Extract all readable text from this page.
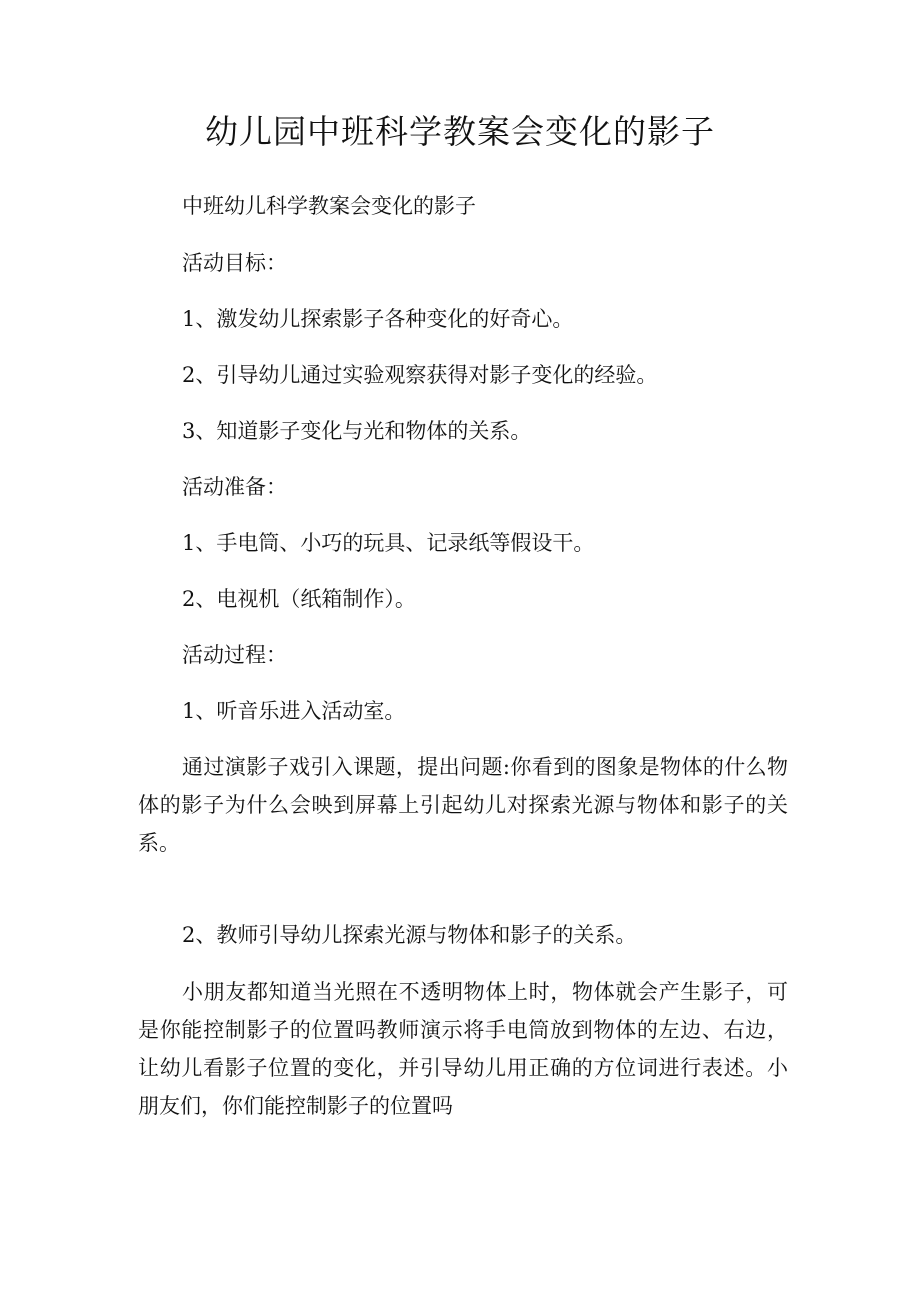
幼儿园中班科学教案会变化的影子

中班幼儿科学教案会变化的影子

活动目标：

1、激发幼儿探索影子各种变化的好奇心。

2、引导幼儿通过实验观察获得对影子变化的经验。

3、知道影子变化与光和物体的关系。

活动准备：

1、手电筒、小巧的玩具、记录纸等假设干。

2、电视机（纸箱制作）。

活动过程：

1、听音乐进入活动室。

通过演影子戏引入课题，提出问题:你看到的图象是物体的什么物体的影子为什么会映到屏幕上引起幼儿对探索光源与物体和影子的关系。

2、教师引导幼儿探索光源与物体和影子的关系。

小朋友都知道当光照在不透明物体上时，物体就会产生影子，可是你能控制影子的位置吗教师演示将手电筒放到物体的左边、右边，让幼儿看影子位置的变化，并引导幼儿用正确的方位词进行表述。小朋友们，你们能控制影子的位置吗
